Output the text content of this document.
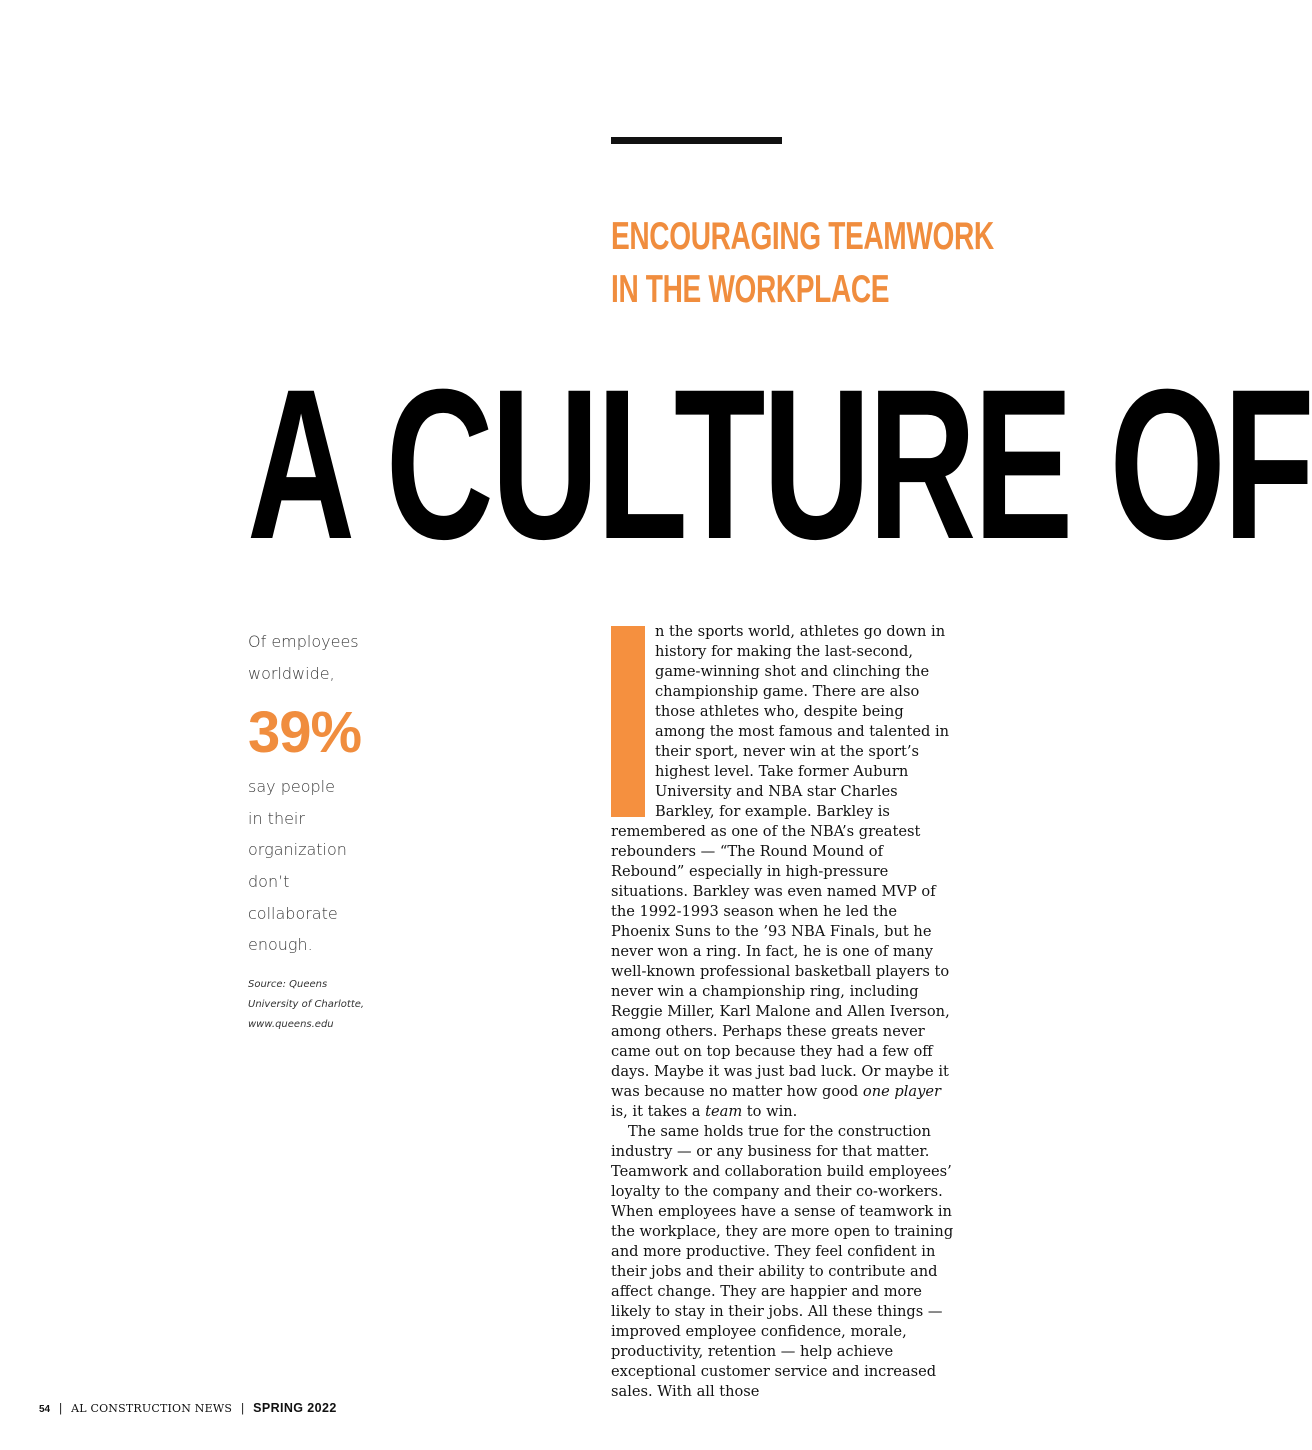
ENCOURAGING TEAMWORK
IN THE WORKPLACE
A CULTURE OF
Of employees
worldwide,
39%
say people
in their
organization
don’t
collaborate
enough.
Source: Queens
University of Charlotte,
www.queens.edu

n the sports world, athletes go down in history for making the last-second, game-winning shot and clinching the championship game. There are also those athletes who, despite being among the most famous and talented in their sport, never win at the sport’s highest level. Take former Auburn University and NBA star Charles Barkley, for example. Barkley is remembered as one of the NBA’s greatest rebounders — “The Round Mound of Rebound” especially in high-pressure situations. Barkley was even named MVP of the 1992-1993 season when he led the Phoenix Suns to the ’93 NBA Finals, but he never won a ring. In fact, he is one of many well-known professional basketball players to never win a championship ring, including Reggie Miller, Karl Malone and Allen Iverson, among others. Perhaps these greats never came out on top because they had a few off days. Maybe it was just bad luck. Or maybe it was because no matter how good one player is, it takes a team to win.

The same holds true for the construction industry — or any business for that matter. Teamwork and collaboration build employees’ loyalty to the company and their co-workers. When employees have a sense of teamwork in the workplace, they are more open to training and more productive. They feel confident in their jobs and their ability to contribute and affect change. They are happier and more likely to stay in their jobs. All these things — improved employee confidence, morale, productivity, retention — help achieve exceptional customer service and increased sales. With all those

54 | AL CONSTRUCTION NEWS | SPRING 2022
